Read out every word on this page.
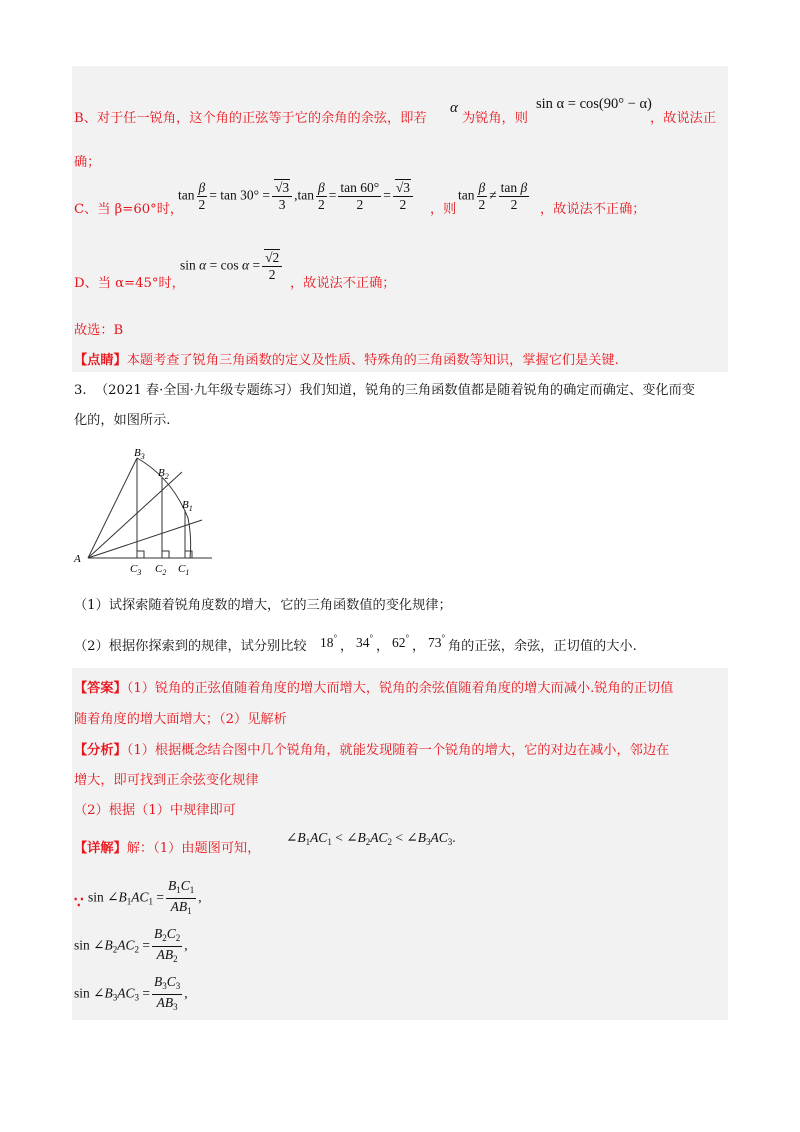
B、对于任一锐角，这个角的正弦等于它的余角的余弦，即若
α
为锐角，则
sin α = cos(90° − α)
，故说法正
确；
C、当 β=60°时，
$\tan \frac{\beta}{2} = \tan 30^\circ = \frac{√3}{3} ,\tan \frac{\beta}{2} = \frac{\tan 60^\circ}{2} = \frac{√3}{2}$ ，则
$\tan \frac{\beta}{2} \ne \frac{\text{tan β}}{2}$ ，故说法不正确；
D、当 α=45°时，
$\sin \alpha = \cos \alpha = \frac{√2}{2}$
，故说法不正确；
故选：B
【点睛】本题考查了锐角三角函数的定义及性质、特殊角的三角函数等知识，掌握它们是关键.
3. （2021 春·全国·九年级专题练习）我们知道，锐角的三角函数值都是随着锐角的确定而确定、变化而变
化的，如图所示.
$B_3$
$B_2$
$B_1$
A
$C_3$ $C_2$ $C_1$
（1）试探索随着锐角度数的增大，它的三角函数值的变化规律；
（2）根据你探索到的规律，试分别比较 18° 34° 62° 73°
， ， ， 角的正弦，余弦，正切值的大小.
【答案】（1）锐角的正弦值随着角度的增大而增大，锐角的余弦值随着角度的增大而减小.锐角的正切值
随着角度的增大面增大；（2）见解析
【分析】（1）根据概念结合图中几个锐角角，就能发现随着一个锐角的增大，它的对边在减小，邻边在
增大，即可找到正余弦变化规律
（2）根据（1）中规律即可
【详解】解：（1）由题图可知，
$\angle B_1AC_1$ < $\angle B_2AC_2$ < $\angle B_3AC_3$.
∵ $\sin \angle B_1AC_1 = \frac{B_1C_1}{AB_1}$ ,
$\sin \angle B_2AC_2 = \frac{B_2C_2}{AB_2}$ ,
$\sin \angle B_3AC_3 = \frac{B_3C_3}{AB_3}$ ,
